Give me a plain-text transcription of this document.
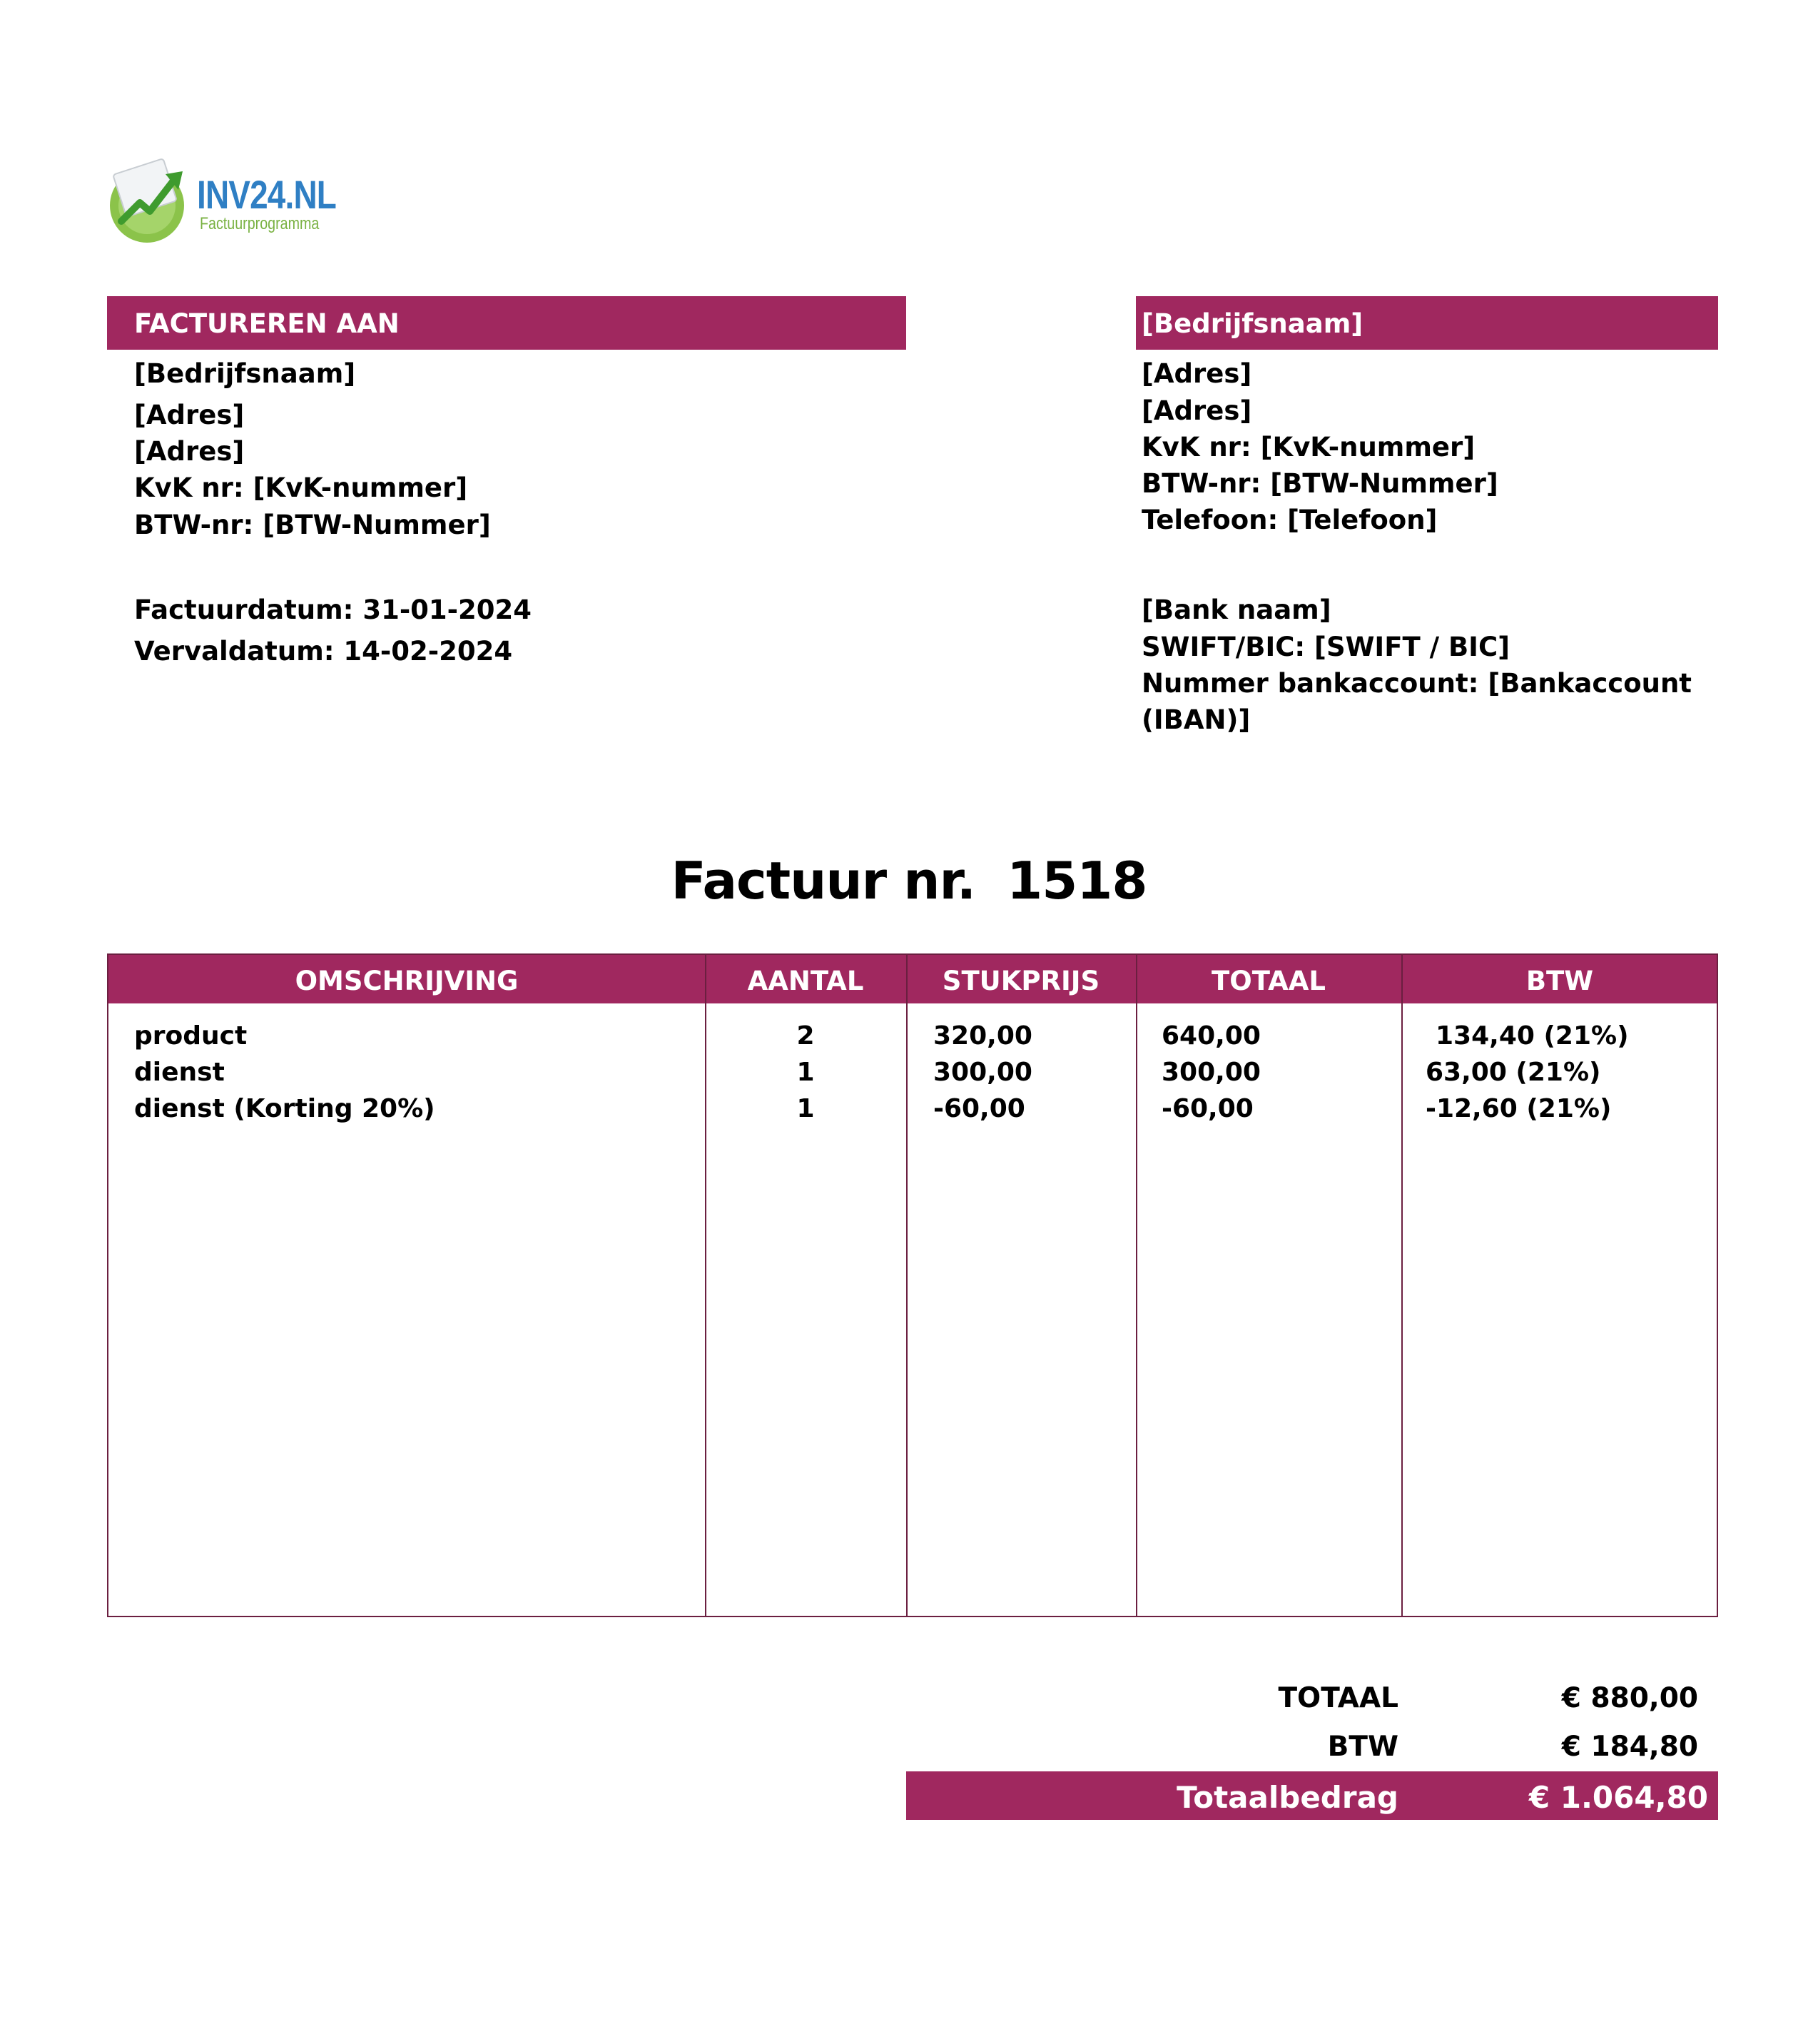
INV24.NL
Factuurprogramma
FACTUREREN AAN
[Bedrijfsnaam]
[Adres]
[Adres]
KvK nr: [KvK-nummer]
BTW-nr: [BTW-Nummer]
Factuurdatum: 31-01-2024
Vervaldatum: 14-02-2024
[Bedrijfsnaam]
[Adres]
[Adres]
KvK nr: [KvK-nummer]
BTW-nr: [BTW-Nummer]
Telefoon: [Telefoon]
[Bank naam]
SWIFT/BIC: [SWIFT / BIC]
Nummer bankaccount: [Bankaccount
(IBAN)]
Factuur nr. 1518
OMSCHRIJVING	AANTAL	STUKPRIJS	TOTAAL	BTW
product	2	320,00	640,00	134,40 (21%)
dienst	1	300,00	300,00	63,00 (21%)
dienst (Korting 20%)	1	-60,00	-60,00	-12,60 (21%)
TOTAAL	€ 880,00
BTW	€ 184,80
Totaalbedrag	€ 1.064,80
